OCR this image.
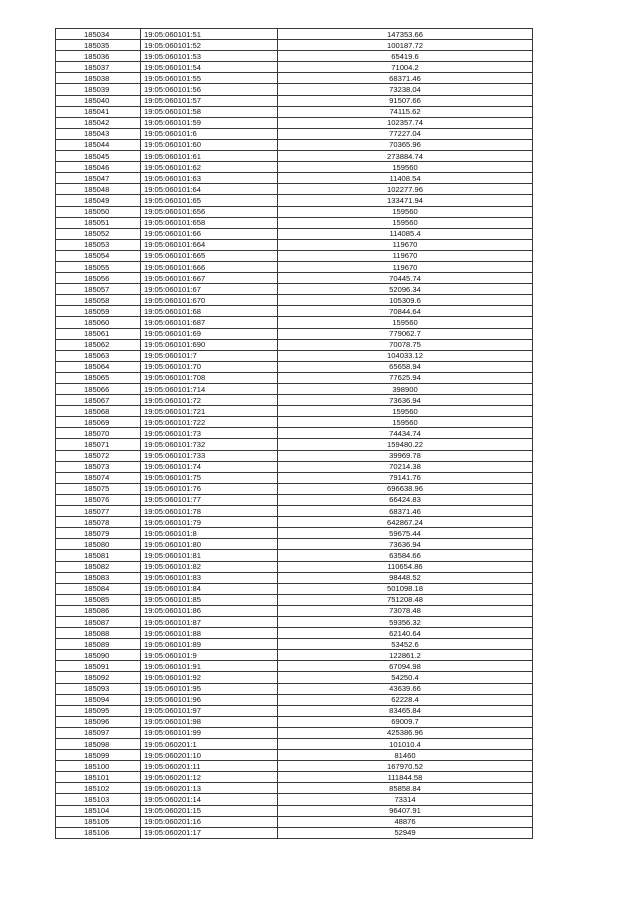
185034	19:05:060101:51	147353.66
185035	19:05:060101:52	100187.72
185036	19:05:060101:53	65419.6
185037	19:05:060101:54	71004.2
185038	19:05:060101:55	68371.46
185039	19:05:060101:56	73238.04
185040	19:05:060101:57	91507.66
185041	19:05:060101:58	74115.62
185042	19:05:060101:59	102357.74
185043	19:05:060101:6	77227.04
185044	19:05:060101:60	70365.96
185045	19:05:060101:61	273884.74
185046	19:05:060101:62	159560
185047	19:05:060101:63	11408.54
185048	19:05:060101:64	102277.96
185049	19:05:060101:65	133471.94
185050	19:05:060101:656	159560
185051	19:05:060101:658	159560
185052	19:05:060101:66	114085.4
185053	19:05:060101:664	119670
185054	19:05:060101:665	119670
185055	19:05:060101:666	119670
185056	19:05:060101:667	70445.74
185057	19:05:060101:67	52096.34
185058	19:05:060101:670	105309.6
185059	19:05:060101:68	70844.64
185060	19:05:060101:687	159560
185061	19:05:060101:69	779062.7
185062	19:05:060101:690	70078.75
185063	19:05:060101:7	104033.12
185064	19:05:060101:70	65658.94
185065	19:05:060101:708	77625.94
185066	19:05:060101:714	398900
185067	19:05:060101:72	73636.94
185068	19:05:060101:721	159560
185069	19:05:060101:722	159560
185070	19:05:060101:73	74434.74
185071	19:05:060101:732	159480.22
185072	19:05:060101:733	39969.78
185073	19:05:060101:74	70214.38
185074	19:05:060101:75	79141.76
185075	19:05:060101:76	696638.96
185076	19:05:060101:77	66424.83
185077	19:05:060101:78	68371.46
185078	19:05:060101:79	642867.24
185079	19:05:060101:8	59675.44
185080	19:05:060101:80	73636.94
185081	19:05:060101:81	63584.66
185082	19:05:060101:82	110654.86
185083	19:05:060101:83	98448.52
185084	19:05:060101:84	501098.18
185085	19:05:060101:85	751208.48
185086	19:05:060101:86	73078.48
185087	19:05:060101:87	59356.32
185088	19:05:060101:88	62140.64
185089	19:05:060101:89	53452.6
185090	19:05:060101:9	122861.2
185091	19:05:060101:91	67094.98
185092	19:05:060101:92	54250.4
185093	19:05:060101:95	43639.66
185094	19:05:060101:96	62228.4
185095	19:05:060101:97	83465.84
185096	19:05:060101:98	69009.7
185097	19:05:060101:99	425386.96
185098	19:05:060201:1	101010.4
185099	19:05:060201:10	81460
185100	19:05:060201:11	167970.52
185101	19:05:060201:12	111844.58
185102	19:05:060201:13	85858.84
185103	19:05:060201:14	73314
185104	19:05:060201:15	96407.91
185105	19:05:060201:16	48876
185106	19:05:060201:17	52949
